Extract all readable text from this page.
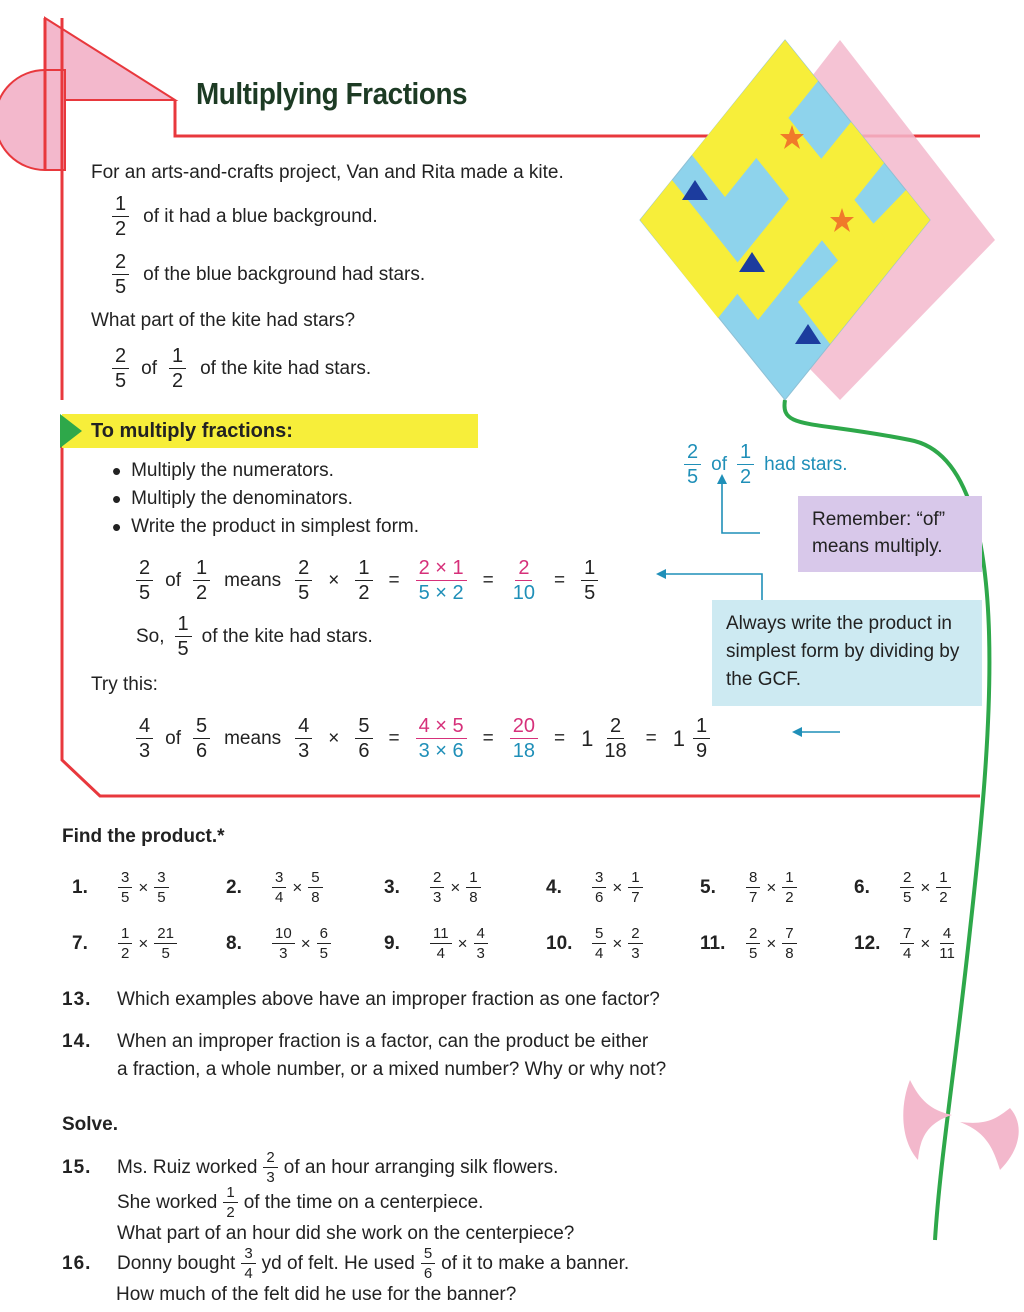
Multiplying Fractions
For an arts-and-crafts project, Van and Rita made a kite.
$\frac{1}{2}$ of it had a blue background.
$\frac{2}{5}$ of the blue background had stars.
What part of the kite had stars?
$\frac{2}{5}$ of $\frac{1}{2}$ of the kite had stars.
To multiply fractions:
• Multiply the numerators.
• Multiply the denominators.
• Write the product in simplest form.
$\frac{2}{5}$ of $\frac{1}{2}$ means $\frac{2}{5} \times \frac{1}{2} = \frac{2 \times 1}{5 \times 2} = \frac{2}{10} = \frac{1}{5}$
So, $\frac{1}{5}$ of the kite had stars.
Try this:
$\frac{4}{3}$ of $\frac{5}{6}$ means $\frac{4}{3} \times \frac{5}{6} = \frac{4 \times 5}{3 \times 6} = \frac{20}{18} = 1 \frac{2}{18} = 1 \frac{1}{9}$
$\frac{2}{5}$ of $\frac{1}{2}$ had stars.
Remember: “of” means multiply.
Always write the product in simplest form by dividing by the GCF.
Find the product.*
1.	$\frac{3}{5} \times \frac{3}{5}$	2.	$\frac{3}{4} \times \frac{5}{8}$	3.	$\frac{2}{3} \times \frac{1}{8}$	4.	$\frac{3}{6} \times \frac{1}{7}$	5.	$\frac{8}{7} \times \frac{1}{2}$	6.	$\frac{2}{5} \times \frac{1}{2}$
7.	$\frac{1}{2} \times \frac{21}{5}$	8.	$\frac{10}{3} \times \frac{6}{5}$	9.	$\frac{11}{4} \times \frac{4}{3}$	10.	$\frac{5}{4} \times \frac{2}{3}$	11.	$\frac{2}{5} \times \frac{7}{8}$	12.	$\frac{7}{4} \times \frac{4}{11}$
13. Which examples above have an improper fraction as one factor?
14. When an improper fraction is a factor, can the product be either
a fraction, a whole number, or a mixed number? Why or why not?
Solve.
15.	Ms. Ruiz worked $\frac{2}{3}$ of an hour arranging silk flowers.
She worked $\frac{1}{2}$ of the time on a centerpiece.
What part of an hour did she work on the centerpiece?
16.	Donny bought $\frac{3}{4}$ yd of felt. He used $\frac{5}{6}$ of it to make a banner.
How much of the felt did he use for the banner?
